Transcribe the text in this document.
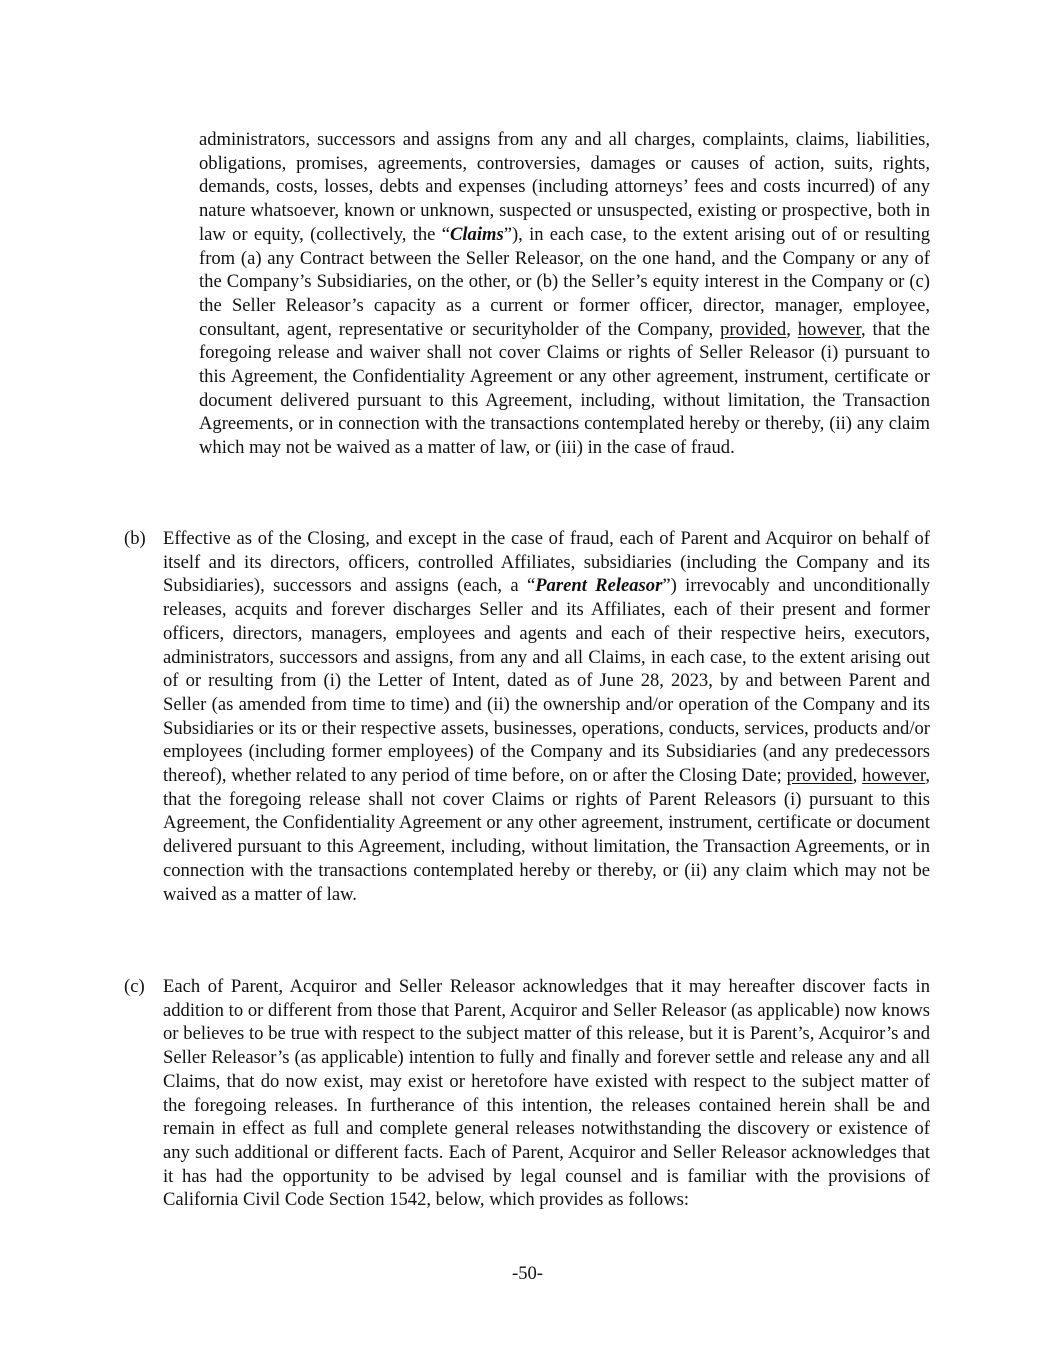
administrators, successors and assigns from any and all charges, complaints, claims, liabilities, obligations, promises, agreements, controversies, damages or causes of action, suits, rights, demands, costs, losses, debts and expenses (including attorneys’ fees and costs incurred) of any nature whatsoever, known or unknown, suspected or unsuspected, existing or prospective, both in law or equity, (collectively, the “Claims”), in each case, to the extent arising out of or resulting from (a) any Contract between the Seller Releasor, on the one hand, and the Company or any of the Company’s Subsidiaries, on the other, or (b) the Seller’s equity interest in the Company or (c) the Seller Releasor’s capacity as a current or former officer, director, manager, employee, consultant, agent, representative or securityholder of the Company, provided, however, that the foregoing release and waiver shall not cover Claims or rights of Seller Releasor (i) pursuant to this Agreement, the Confidentiality Agreement or any other agreement, instrument, certificate or document delivered pursuant to this Agreement, including, without limitation, the Transaction Agreements, or in connection with the transactions contemplated hereby or thereby, (ii) any claim which may not be waived as a matter of law, or (iii) in the case of fraud.
(b) Effective as of the Closing, and except in the case of fraud, each of Parent and Acquiror on behalf of itself and its directors, officers, controlled Affiliates, subsidiaries (including the Company and its Subsidiaries), successors and assigns (each, a “Parent Releasor”) irrevocably and unconditionally releases, acquits and forever discharges Seller and its Affiliates, each of their present and former officers, directors, managers, employees and agents and each of their respective heirs, executors, administrators, successors and assigns, from any and all Claims, in each case, to the extent arising out of or resulting from (i) the Letter of Intent, dated as of June 28, 2023, by and between Parent and Seller (as amended from time to time) and (ii) the ownership and/or operation of the Company and its Subsidiaries or its or their respective assets, businesses, operations, conducts, services, products and/or employees (including former employees) of the Company and its Subsidiaries (and any predecessors thereof), whether related to any period of time before, on or after the Closing Date; provided, however, that the foregoing release shall not cover Claims or rights of Parent Releasors (i) pursuant to this Agreement, the Confidentiality Agreement or any other agreement, instrument, certificate or document delivered pursuant to this Agreement, including, without limitation, the Transaction Agreements, or in connection with the transactions contemplated hereby or thereby, or (ii) any claim which may not be waived as a matter of law.
(c) Each of Parent, Acquiror and Seller Releasor acknowledges that it may hereafter discover facts in addition to or different from those that Parent, Acquiror and Seller Releasor (as applicable) now knows or believes to be true with respect to the subject matter of this release, but it is Parent’s, Acquiror’s and Seller Releasor’s (as applicable) intention to fully and finally and forever settle and release any and all Claims, that do now exist, may exist or heretofore have existed with respect to the subject matter of the foregoing releases. In furtherance of this intention, the releases contained herein shall be and remain in effect as full and complete general releases notwithstanding the discovery or existence of any such additional or different facts. Each of Parent, Acquiror and Seller Releasor acknowledges that it has had the opportunity to be advised by legal counsel and is familiar with the provisions of California Civil Code Section 1542, below, which provides as follows:
-50-
